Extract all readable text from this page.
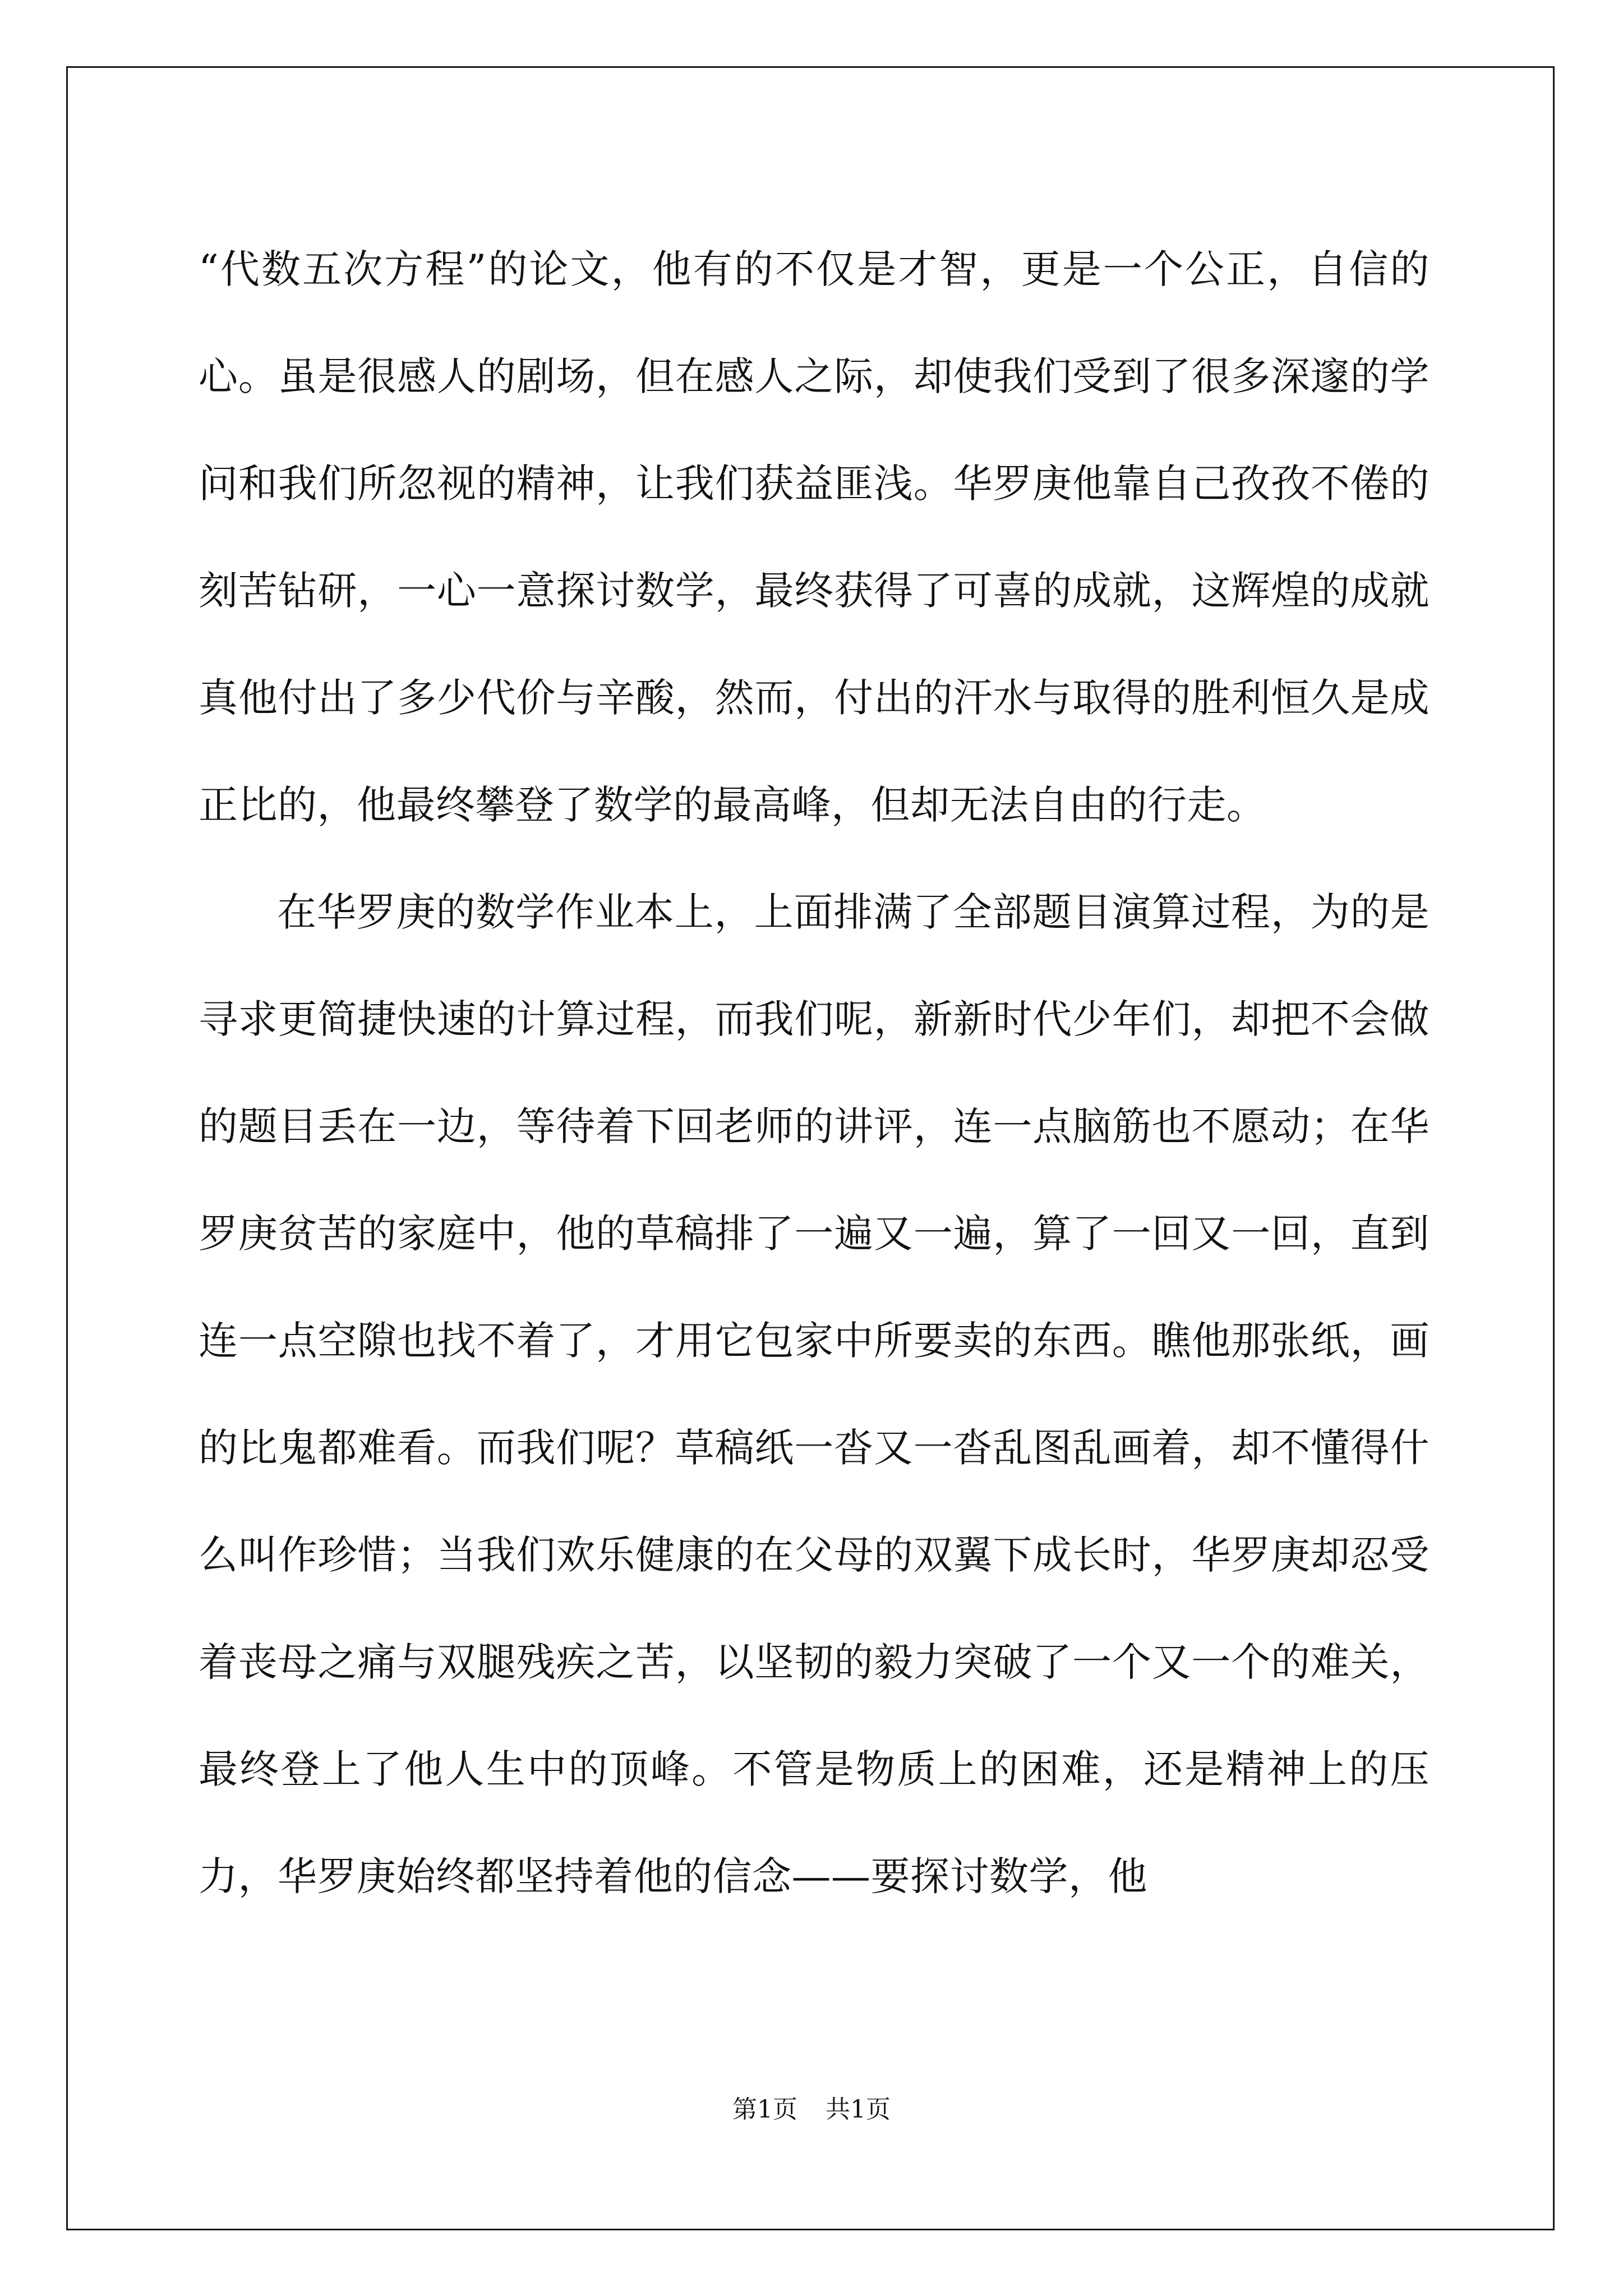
“代数五次方程”的论文，他有的不仅是才智，更是一个公正，自信的心。虽是很感人的剧场，但在感人之际，却使我们受到了很多深邃的学问和我们所忽视的精神，让我们获益匪浅。华罗庚他靠自己孜孜不倦的刻苦钻研，一心一意探讨数学，最终获得了可喜的成就，这辉煌的成就真他付出了多少代价与辛酸，然而，付出的汗水与取得的胜利恒久是成正比的，他最终攀登了数学的最高峰，但却无法自由的行走。

在华罗庚的数学作业本上，上面排满了全部题目演算过程，为的是寻求更简捷快速的计算过程，而我们呢，新新时代少年们，却把不会做的题目丢在一边，等待着下回老师的讲评，连一点脑筋也不愿动；在华罗庚贫苦的家庭中，他的草稿排了一遍又一遍，算了一回又一回，直到连一点空隙也找不着了，才用它包家中所要卖的东西。瞧他那张纸，画的比鬼都难看。而我们呢？草稿纸一沓又一沓乱图乱画着，却不懂得什么叫作珍惜；当我们欢乐健康的在父母的双翼下成长时，华罗庚却忍受着丧母之痛与双腿残疾之苦，以坚韧的毅力突破了一个又一个的难关，最终登上了他人生中的顶峰。不管是物质上的困难，还是精神上的压力，华罗庚始终都坚持着他的信念——要探讨数学，他

第1页 共1页
